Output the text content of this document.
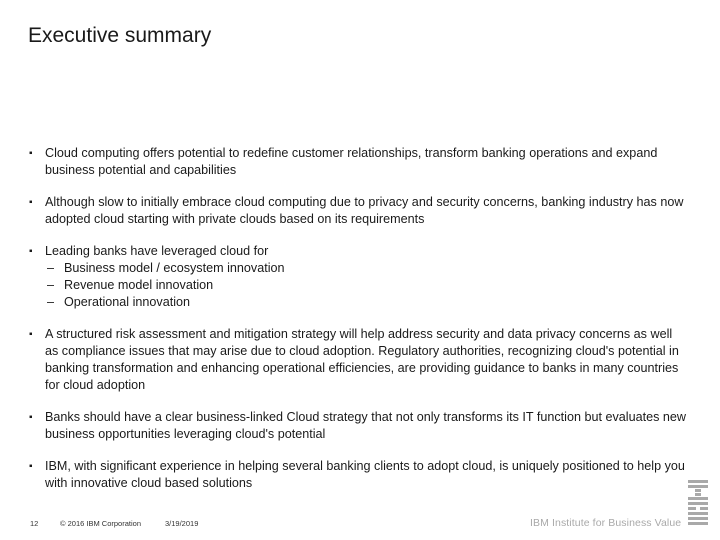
Executive summary
▪ Cloud computing offers potential to redefine customer relationships, transform banking operations and expand business potential and capabilities
▪ Although slow to initially embrace cloud computing due to privacy and security concerns, banking industry has now adopted cloud starting with private clouds based on its requirements
▪ Leading banks have leveraged cloud for
– Business model / ecosystem innovation
– Revenue model innovation
– Operational innovation
▪ A structured risk assessment and mitigation strategy will help address security and data privacy concerns as well as compliance issues that may arise due to cloud adoption. Regulatory authorities, recognizing cloud's potential in banking transformation and enhancing operational efficiencies, are providing guidance to banks in many countries for cloud adoption
▪ Banks should have a clear business-linked Cloud strategy that not only transforms its IT function but evaluates new business opportunities leveraging cloud's potential
▪ IBM, with significant experience in helping several banking clients to adopt cloud, is uniquely positioned to help you with innovative cloud based solutions
12	© 2016 IBM Corporation	3/19/2019	IBM Institute for Business Value
